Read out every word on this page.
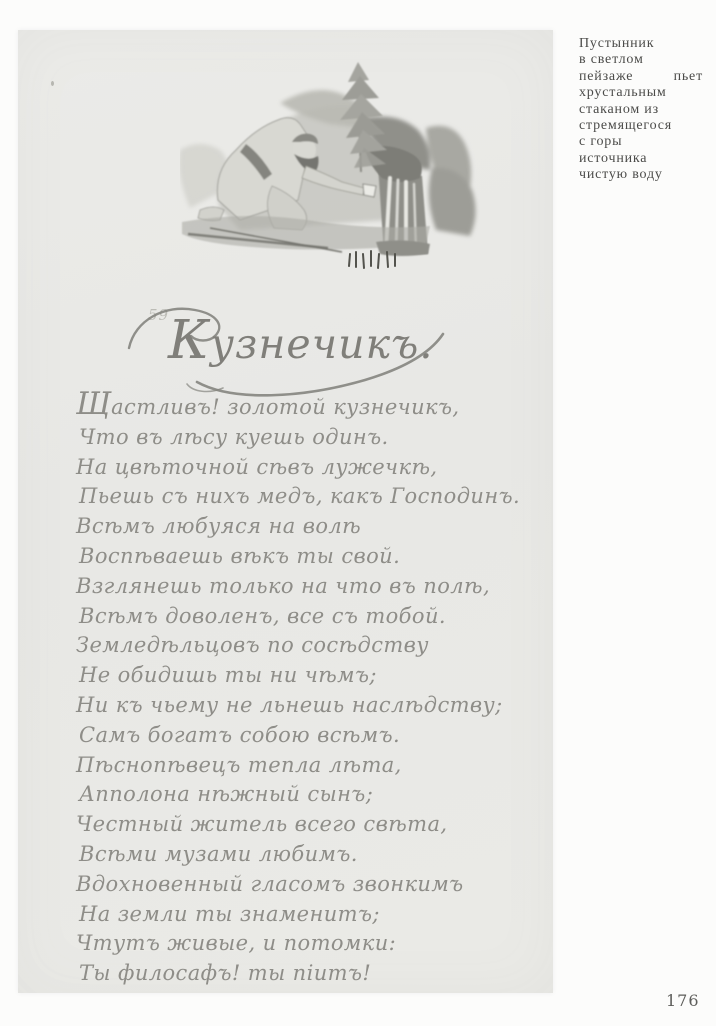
59
Кузнечикъ.
Щастливъ! золотой кузнечикъ,
Что въ лѣсу куешь одинъ.
На цвѣточной сѣвъ лужечкѣ,
Пьешь съ нихъ медъ, какъ Господинъ.
Всѣмъ любуяся на волѣ
Воспѣваешь вѣкъ ты свой.
Взглянешь только на что въ полѣ,
Всѣмъ доволенъ, все съ тобой.
Земледѣльцовъ по сосѣдству
Не обидишь ты ни чѣмъ;
Ни къ чьему не льнешь наслѣдству;
Самъ богатъ собою всѣмъ.
Пѣснопѣвецъ тепла лѣта,
Апполона нѣжный сынъ;
Честный житель всего свѣта,
Всѣми музами любимъ.
Вдохновенный гласомъ звонкимъ
На земли ты знаменитъ;
Чтутъ живые, и потомки:
Ты филосафъ! ты пiитъ!
Пустынник
в светлом
пейзаже	пьет
хрустальным
стаканом из
стремящегося
с горы
источника
чистую воду
176
